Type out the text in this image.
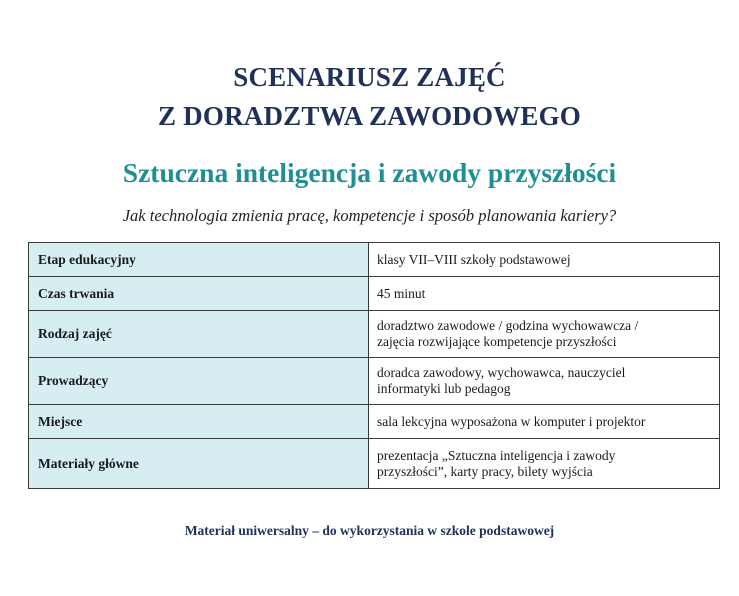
SCENARIUSZ ZAJĘĆ
Z DORADZTWA ZAWODOWEGO
Sztuczna inteligencja i zawody przyszłości
Jak technologia zmienia pracę, kompetencje i sposób planowania kariery?
Etap edukacyjny	klasy VII–VIII szkoły podstawowej
Czas trwania	45 minut
Rodzaj zajęć	doradztwo zawodowe / godzina wychowawcza /
zajęcia rozwijające kompetencje przyszłości

Prowadzący	doradca zawodowy, wychowawca, nauczyciel
informatyki lub pedagog

Miejsce	sala lekcyjna wyposażona w komputer i projektor
Materiały główne	prezentacja „Sztuczna inteligencja i zawody
przyszłości”, karty pracy, bilety wyjścia
Materiał uniwersalny – do wykorzystania w szkole podstawowej
